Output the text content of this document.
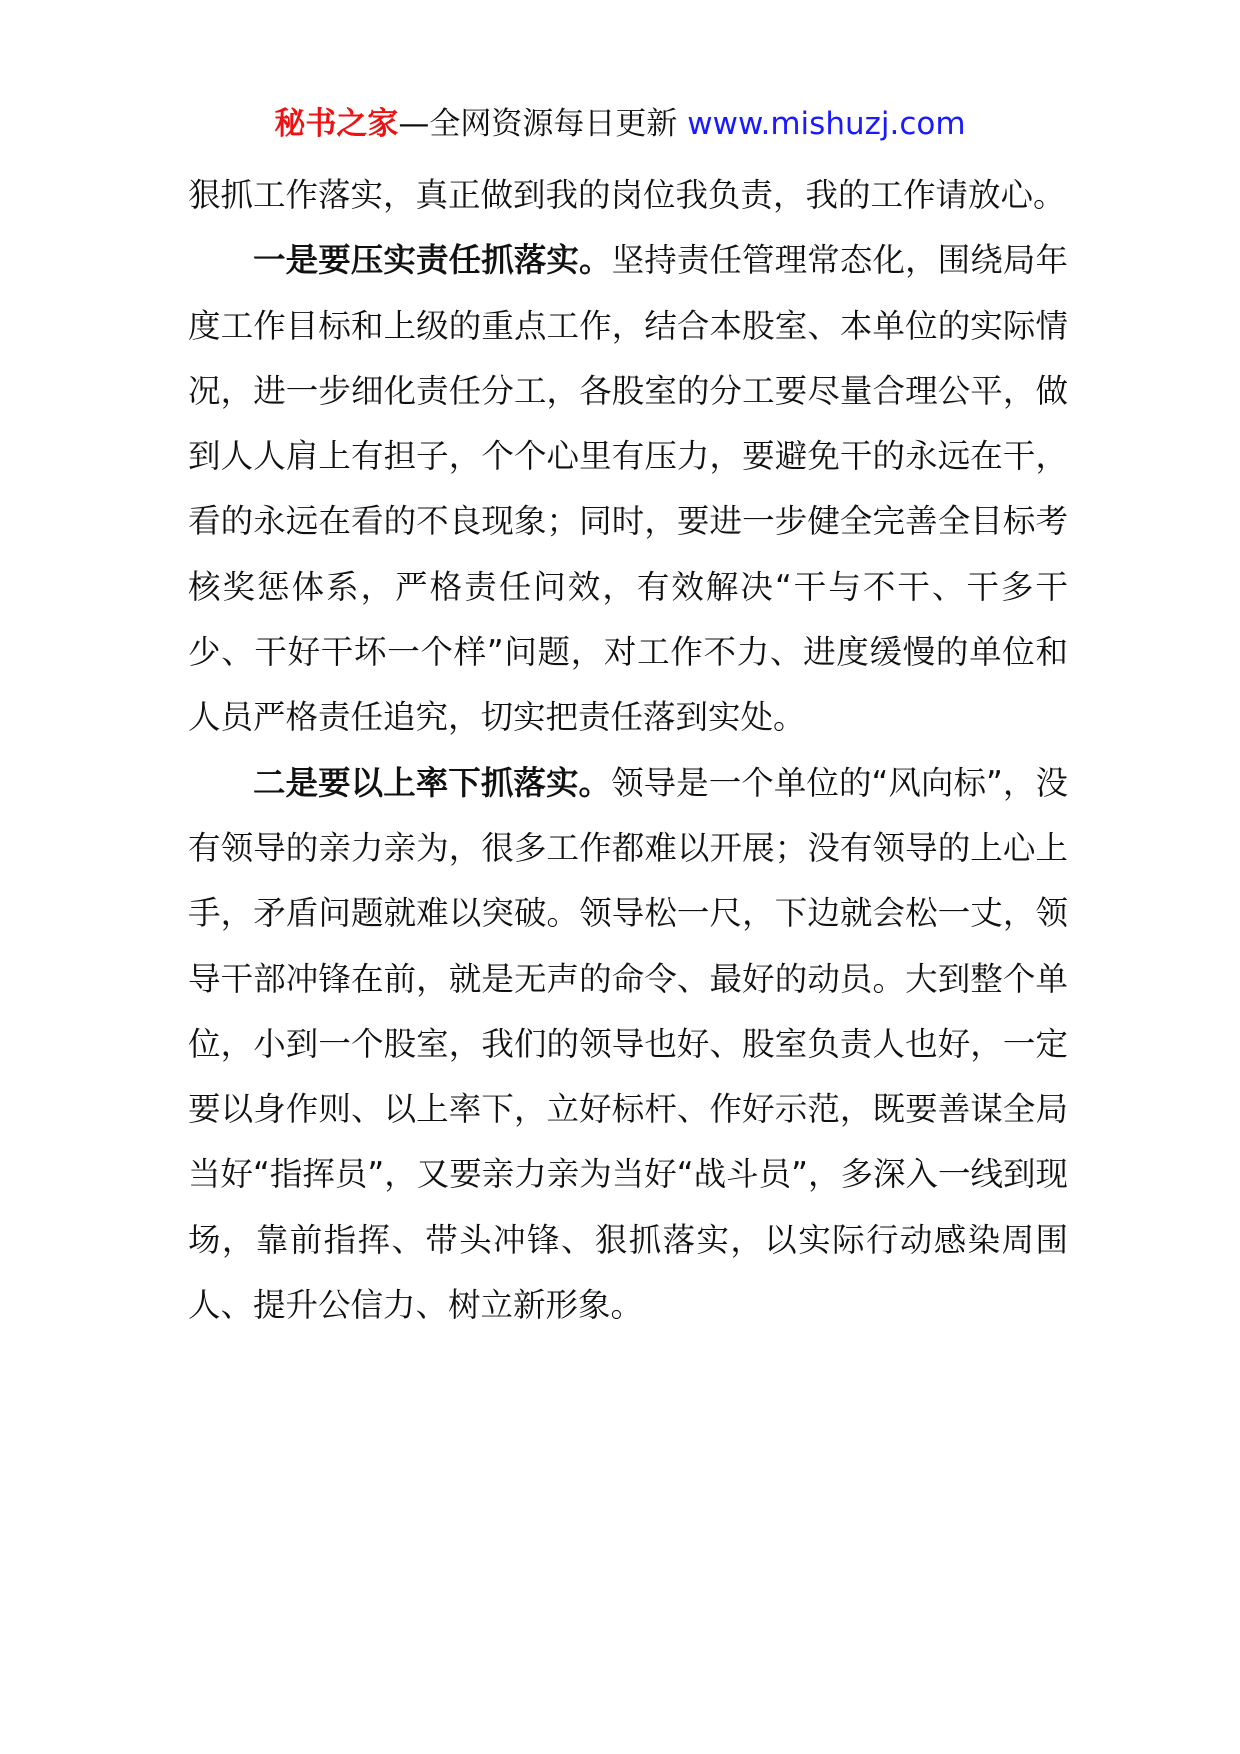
秘书之家—全网资源每日更新 www.mishuzj.com

狠抓工作落实，真正做到我的岗位我负责，我的工作请放心。

一是要压实责任抓落实。坚持责任管理常态化，围绕局年度工作目标和上级的重点工作，结合本股室、本单位的实际情况，进一步细化责任分工，各股室的分工要尽量合理公平，做到人人肩上有担子，个个心里有压力，要避免干的永远在干，看的永远在看的不良现象；同时，要进一步健全完善全目标考核奖惩体系，严格责任问效，有效解决“干与不干、干多干少、干好干坏一个样”问题，对工作不力、进度缓慢的单位和人员严格责任追究，切实把责任落到实处。

二是要以上率下抓落实。领导是一个单位的“风向标”，没有领导的亲力亲为，很多工作都难以开展；没有领导的上心上手，矛盾问题就难以突破。领导松一尺，下边就会松一丈，领导干部冲锋在前，就是无声的命令、最好的动员。大到整个单位，小到一个股室，我们的领导也好、股室负责人也好，一定要以身作则、以上率下，立好标杆、作好示范，既要善谋全局当好“指挥员”，又要亲力亲为当好“战斗员”，多深入一线到现场，靠前指挥、带头冲锋、狠抓落实，以实际行动感染周围人、提升公信力、树立新形象。
